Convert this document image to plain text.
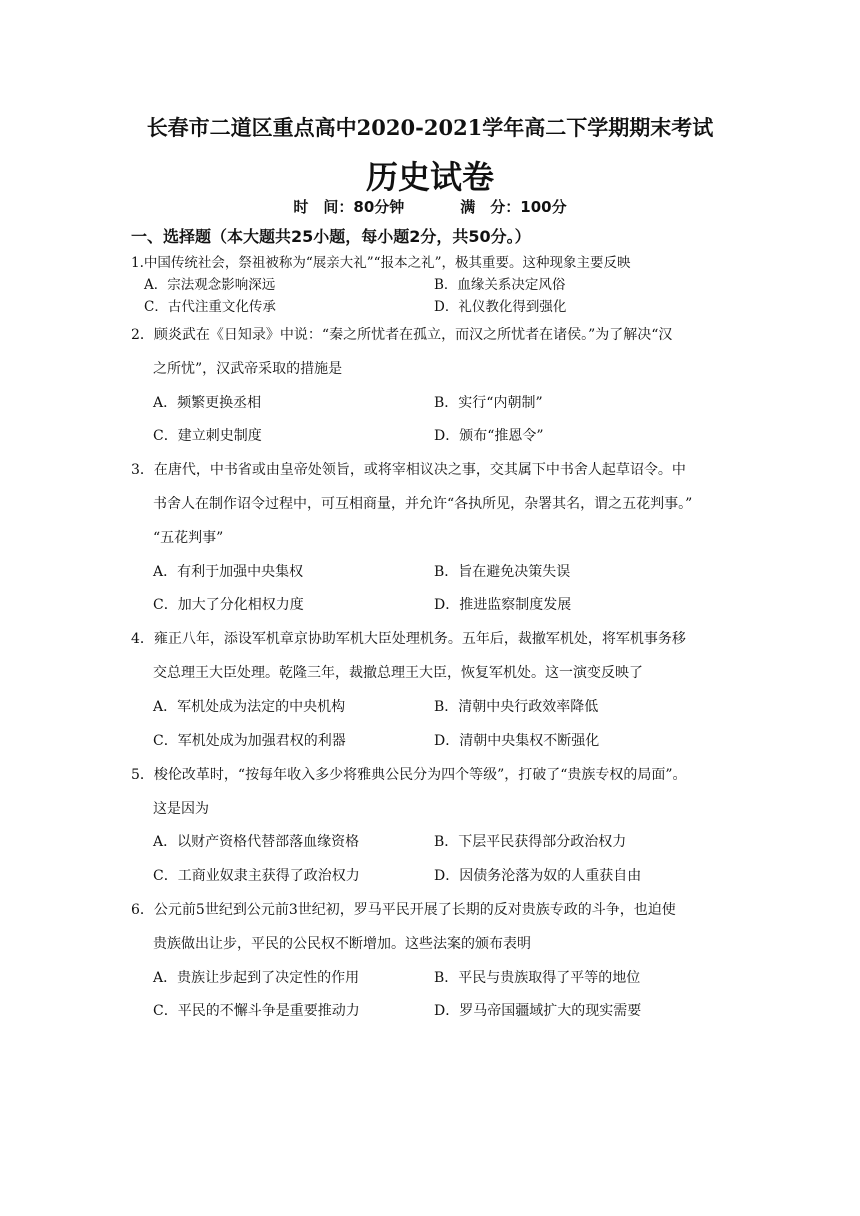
长春市二道区重点高中2020-2021学年高二下学期期末考试
历史试卷
时　间：80分钟	满　分：100分
一、选择题（本大题共25小题，每小题2分，共50分。）
1.中国传统社会，祭祖被称为“展亲大礼”“报本之礼”，极其重要。这种现象主要反映
A．宗法观念影响深远	B．血缘关系决定风俗
C．古代注重文化传承	D．礼仪教化得到强化
2．顾炎武在《日知录》中说：“秦之所忧者在孤立，而汉之所忧者在诸侯。”为了解决“汉
之所忧”，汉武帝采取的措施是
A．频繁更换丞相	B．实行“内朝制”
C．建立刺史制度	D．颁布“推恩令”
3．在唐代，中书省或由皇帝处领旨，或将宰相议决之事，交其属下中书舍人起草诏令。中
书舍人在制作诏令过程中，可互相商量，并允许“各执所见，杂署其名，谓之五花判事。”
“五花判事”
A．有利于加强中央集权	B．旨在避免决策失误
C．加大了分化相权力度	D．推进监察制度发展
4．雍正八年，添设军机章京协助军机大臣处理机务。五年后，裁撤军机处，将军机事务移
交总理王大臣处理。乾隆三年，裁撤总理王大臣，恢复军机处。这一演变反映了
A．军机处成为法定的中央机构	B．清朝中央行政效率降低
C．军机处成为加强君权的利器	D．清朝中央集权不断强化
5．梭伦改革时，“按每年收入多少将雅典公民分为四个等级”，打破了“贵族专权的局面”。
这是因为
A．以财产资格代替部落血缘资格	B．下层平民获得部分政治权力
C．工商业奴隶主获得了政治权力	D．因债务沦落为奴的人重获自由
6．公元前5世纪到公元前3世纪初，罗马平民开展了长期的反对贵族专政的斗争，也迫使
贵族做出让步，平民的公民权不断增加。这些法案的颁布表明
A．贵族让步起到了决定性的作用	B．平民与贵族取得了平等的地位
C．平民的不懈斗争是重要推动力	D．罗马帝国疆域扩大的现实需要
